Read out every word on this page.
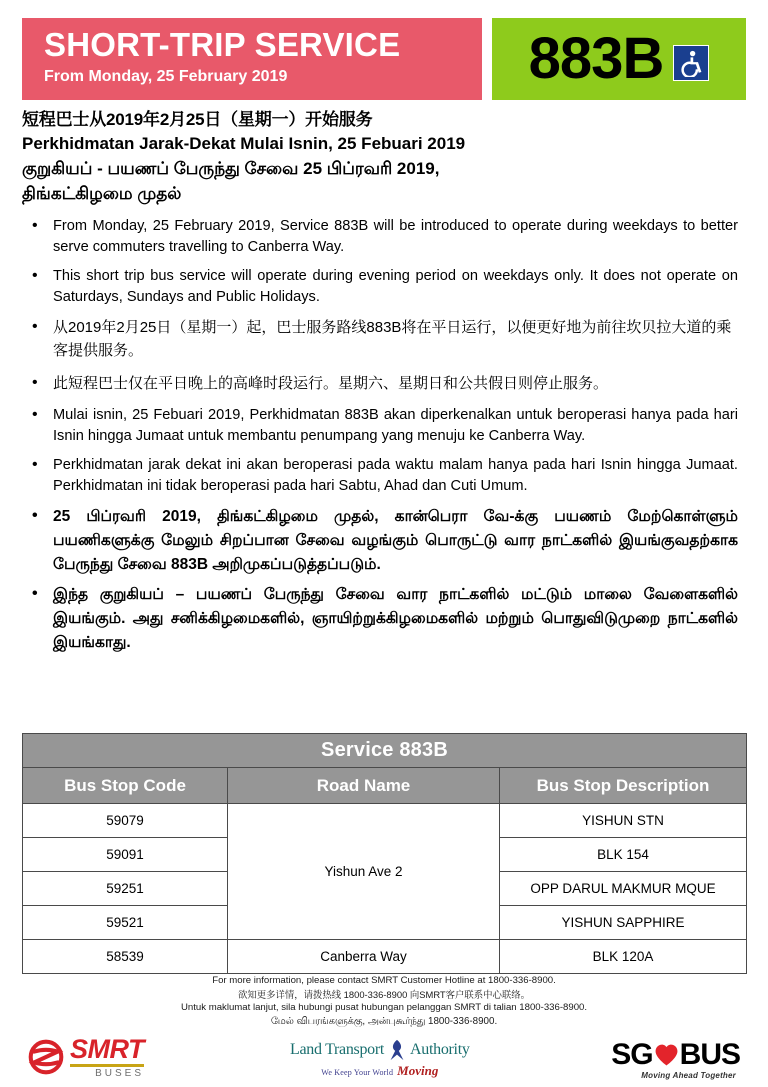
SHORT-TRIP SERVICE
From Monday, 25 February 2019	883B
短程巴士从2019年2月25日（星期一）开始服务
Perkhidmatan Jarak-Dekat Mulai Isnin, 25 Febuari 2019
குறுகியப் - பயணப் பேருந்து சேவை 25 பிப்ரவரி 2019,
திங்கட்கிழமை முதல்
• From Monday, 25 February 2019, Service 883B will be introduced to operate during weekdays to better serve commuters travelling to Canberra Way.
• This short trip bus service will operate during evening period on weekdays only. It does not operate on Saturdays, Sundays and Public Holidays.
• 从2019年2月25日（星期一）起，巴士服务路线883B将在平日运行，以便更好地为前往坎贝拉大道的乘客提供服务。
• 此短程巴士仅在平日晚上的高峰时段运行。星期六、星期日和公共假日则停止服务。
• Mulai isnin, 25 Febuari 2019, Perkhidmatan 883B akan diperkenalkan untuk beroperasi hanya pada hari Isnin hingga Jumaat untuk membantu penumpang yang menuju ke Canberra Way.
• Perkhidmatan jarak dekat ini akan beroperasi pada waktu malam hanya pada hari Isnin hingga Jumaat. Perkhidmatan ini tidak beroperasi pada hari Sabtu, Ahad dan Cuti Umum.
• 25 பிப்ரவரி 2019, திங்கட்கிழமை முதல், கான்பெரா வே-க்கு பயணம் மேற்கொள்ளும் பயணிகளுக்கு மேலும் சிறப்பான சேவை வழங்கும் பொருட்டு வார நாட்களில் இயங்குவதற்காக பேருந்து சேவை 883B அறிமுகப்படுத்தப்படும்.
• இந்த குறுகியப் – பயணப் பேருந்து சேவை வார நாட்களில் மட்டும் மாலை வேளைகளில் இயங்கும். அது சனிக்கிழமைகளில், ஞாயிற்றுக்கிழமைகளில் மற்றும் பொதுவிடுமுறை நாட்களில் இயங்காது.
Service 883B		
Bus Stop Code	Road Name	Bus Stop Description
59079	Yishun Ave 2	YISHUN STN
59091		BLK 154
59251		OPP DARUL MAKMUR MQUE
59521		YISHUN SAPPHIRE
58539	Canberra Way	BLK 120A
For more information, please contact SMRT Customer Hotline at 1800-336-8900.
欲知更多详情，请拨热线 1800-336-8900 向SMRT客户联系中心联络。
Untuk maklumat lanjut, sila hubungi pusat hubungan pelanggan SMRT di talian 1800-336-8900.
மேல் விபரங்களுக்கு, அன்புகூர்ந்து 1800-336-8900.
SMRT
BUSES
Land Transport Authority
We Keep Your World Moving	SG BUS
Moving Ahead Together
